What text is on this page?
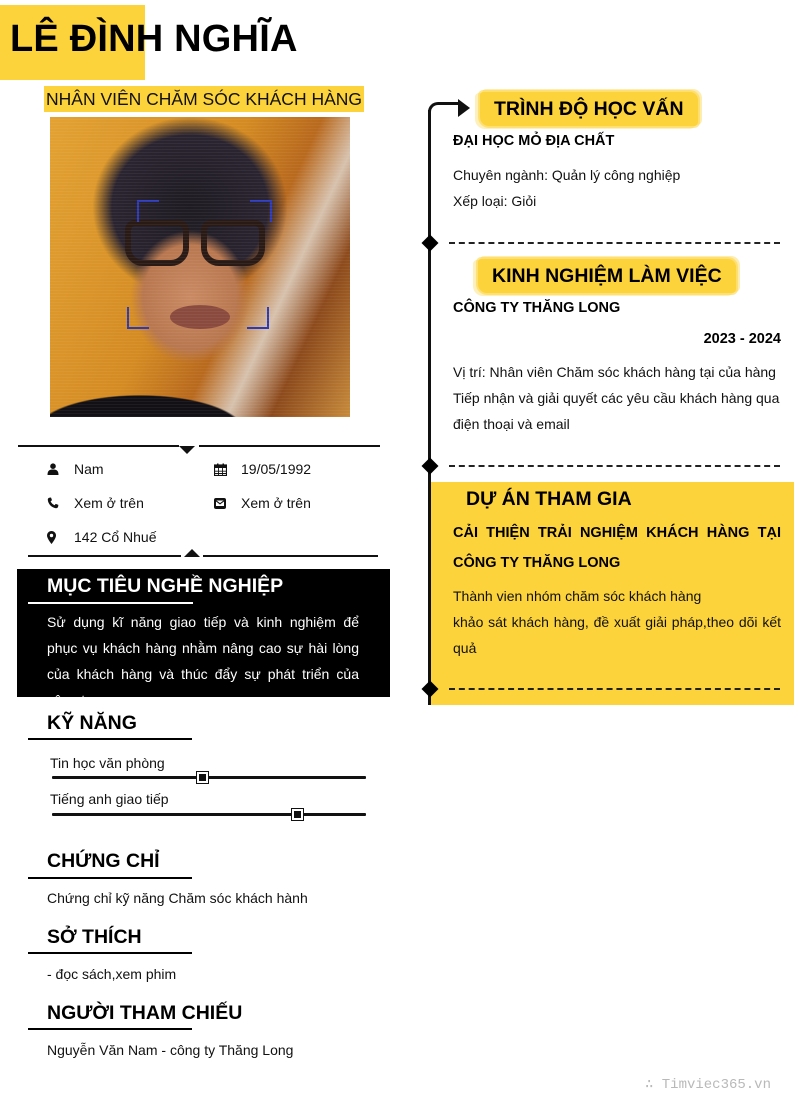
LÊ ĐÌNH NGHĨA
NHÂN VIÊN CHĂM SÓC KHÁCH HÀNG
Nam	19/05/1992
Xem ở trên	Xem ở trên
142 Cổ Nhuế
MỤC TIÊU NGHỀ NGHIỆP
Sử dụng kĩ năng giao tiếp và kinh nghiệm để phục vụ khách hàng nhằm nâng cao sự hài lòng của khách hàng và thúc đẩy sự phát triển của công ty
KỸ NĂNG
Tin học văn phòng
Tiếng anh giao tiếp
CHỨNG CHỈ
Chứng chỉ kỹ năng Chăm sóc khách hành
SỞ THÍCH
- đọc sách,xem phim
NGƯỜI THAM CHIẾU
Nguyễn Văn Nam - công ty Thăng Long
TRÌNH ĐỘ HỌC VẤN
ĐẠI HỌC MỎ ĐỊA CHẤT
Chuyên ngành: Quản lý công nghiệp
Xếp loại: Giỏi
KINH NGHIỆM LÀM VIỆC
CÔNG TY THĂNG LONG
2023 - 2024
Vị trí: Nhân viên Chăm sóc khách hàng tại của hàng
Tiếp nhận và giải quyết các yêu cầu khách hàng qua
điện thoại và email
DỰ ÁN THAM GIA
CẢI THIỆN TRẢI NGHIỆM KHÁCH HÀNG TẠI CÔNG TY THĂNG LONG
Thành vien nhóm chăm sóc khách hàng
khảo sát khách hàng, đề xuất giải pháp,theo dõi kết quả
∴ Timviec365.vn
